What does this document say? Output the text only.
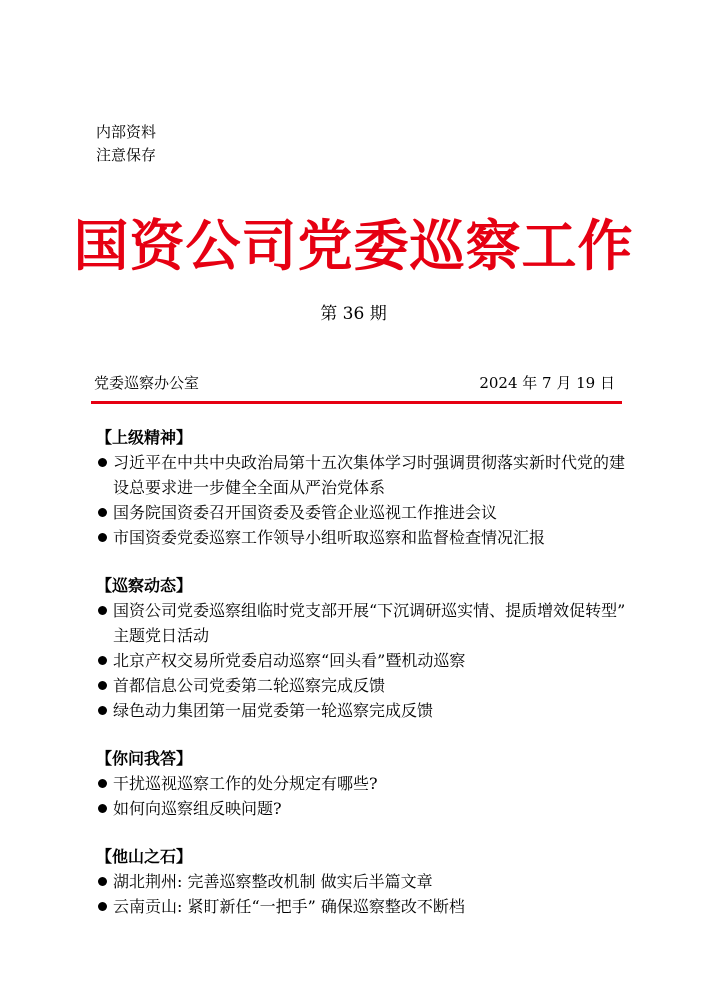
内部资料
注意保存
国资公司党委巡察工作
第 36 期
党委巡察办公室	2024 年 7 月 19 日
【上级精神】
习近平在中共中央政治局第十五次集体学习时强调贯彻落实新时代党的建设总要求进一步健全全面从严治党体系
国务院国资委召开国资委及委管企业巡视工作推进会议
市国资委党委巡察工作领导小组听取巡察和监督检查情况汇报
【巡察动态】
国资公司党委巡察组临时党支部开展“下沉调研巡实情、提质增效促转型” 主题党日活动
北京产权交易所党委启动巡察“回头看”暨机动巡察
首都信息公司党委第二轮巡察完成反馈
绿色动力集团第一届党委第一轮巡察完成反馈
【你问我答】
干扰巡视巡察工作的处分规定有哪些?
如何向巡察组反映问题?
【他山之石】
湖北荆州: 完善巡察整改机制 做实后半篇文章
云南贡山: 紧盯新任“一把手” 确保巡察整改不断档
